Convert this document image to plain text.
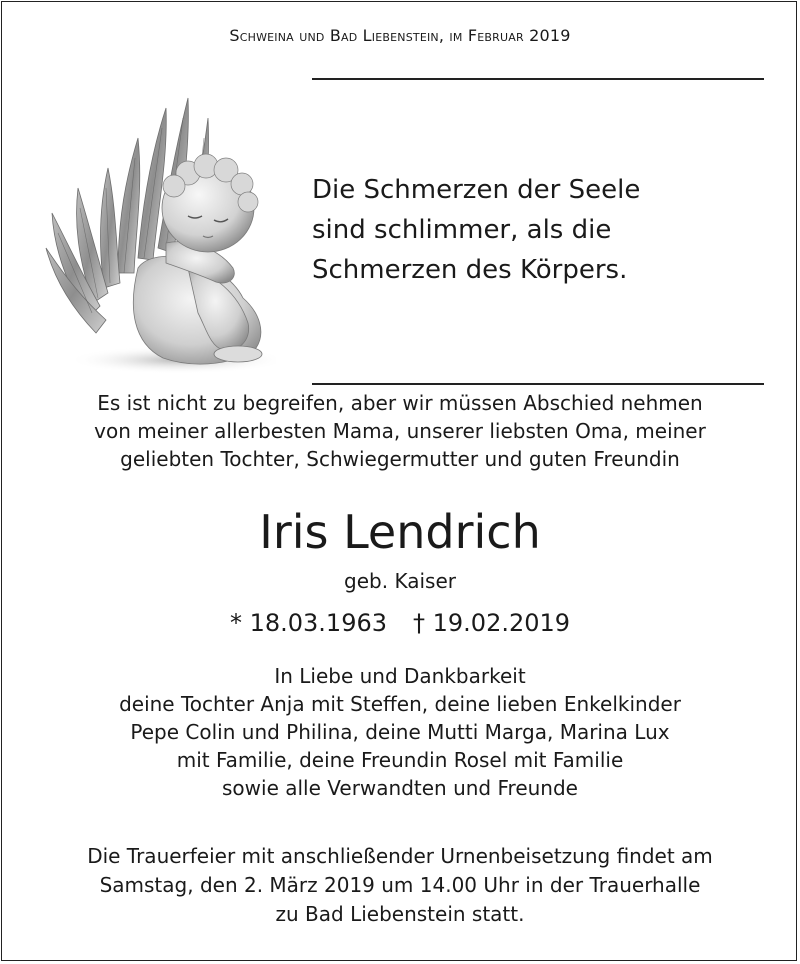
Schweina und Bad Liebenstein, im Februar 2019
Die Schmerzen der Seele
sind schlimmer, als die
Schmerzen des Körpers.
Es ist nicht zu begreifen, aber wir müssen Abschied nehmen
von meiner allerbesten Mama, unserer liebsten Oma, meiner
geliebten Tochter, Schwiegermutter und guten Freundin
Iris Lendrich
geb. Kaiser
* 18.03.1963 † 19.02.2019
In Liebe und Dankbarkeit
deine Tochter Anja mit Steffen, deine lieben Enkelkinder
Pepe Colin und Philina, deine Mutti Marga, Marina Lux
mit Familie, deine Freundin Rosel mit Familie
sowie alle Verwandten und Freunde
Die Trauerfeier mit anschließender Urnenbeisetzung findet am
Samstag, den 2. März 2019 um 14.00 Uhr in der Trauerhalle
zu Bad Liebenstein statt.
